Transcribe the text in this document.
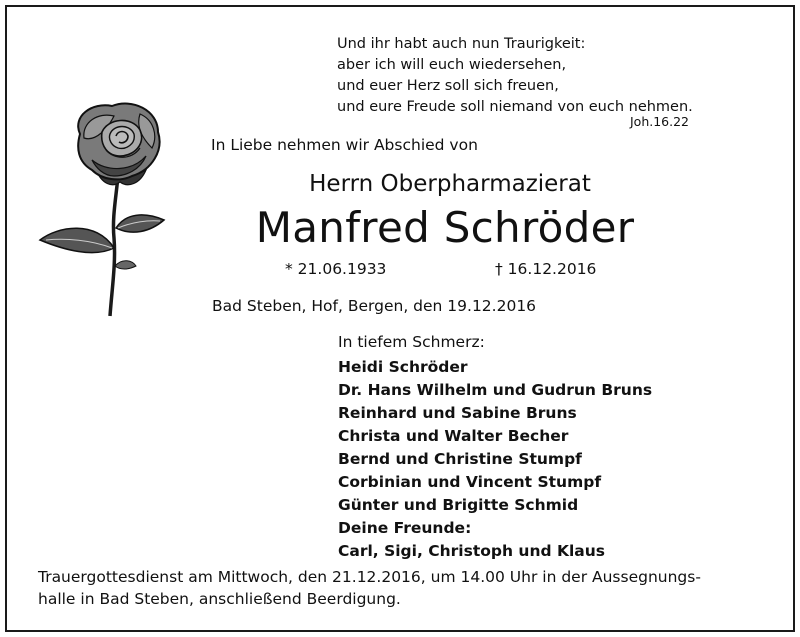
Und ihr habt auch nun Traurigkeit:
aber ich will euch wiedersehen,
und euer Herz soll sich freuen,
und eure Freude soll niemand von euch nehmen.
Joh.16.22
In Liebe nehmen wir Abschied von
Herrn Oberpharmazierat
Manfred Schröder
* 21.06.1933	† 16.12.2016
Bad Steben, Hof, Bergen, den 19.12.2016
In tiefem Schmerz:
Heidi Schröder
Dr. Hans Wilhelm und Gudrun Bruns
Reinhard und Sabine Bruns
Christa und Walter Becher
Bernd und Christine Stumpf
Corbinian und Vincent Stumpf
Günter und Brigitte Schmid
Deine Freunde:
Carl, Sigi, Christoph und Klaus
Trauergottesdienst am Mittwoch, den 21.12.2016, um 14.00 Uhr in der Aussegnungs-
halle in Bad Steben, anschließend Beerdigung.
